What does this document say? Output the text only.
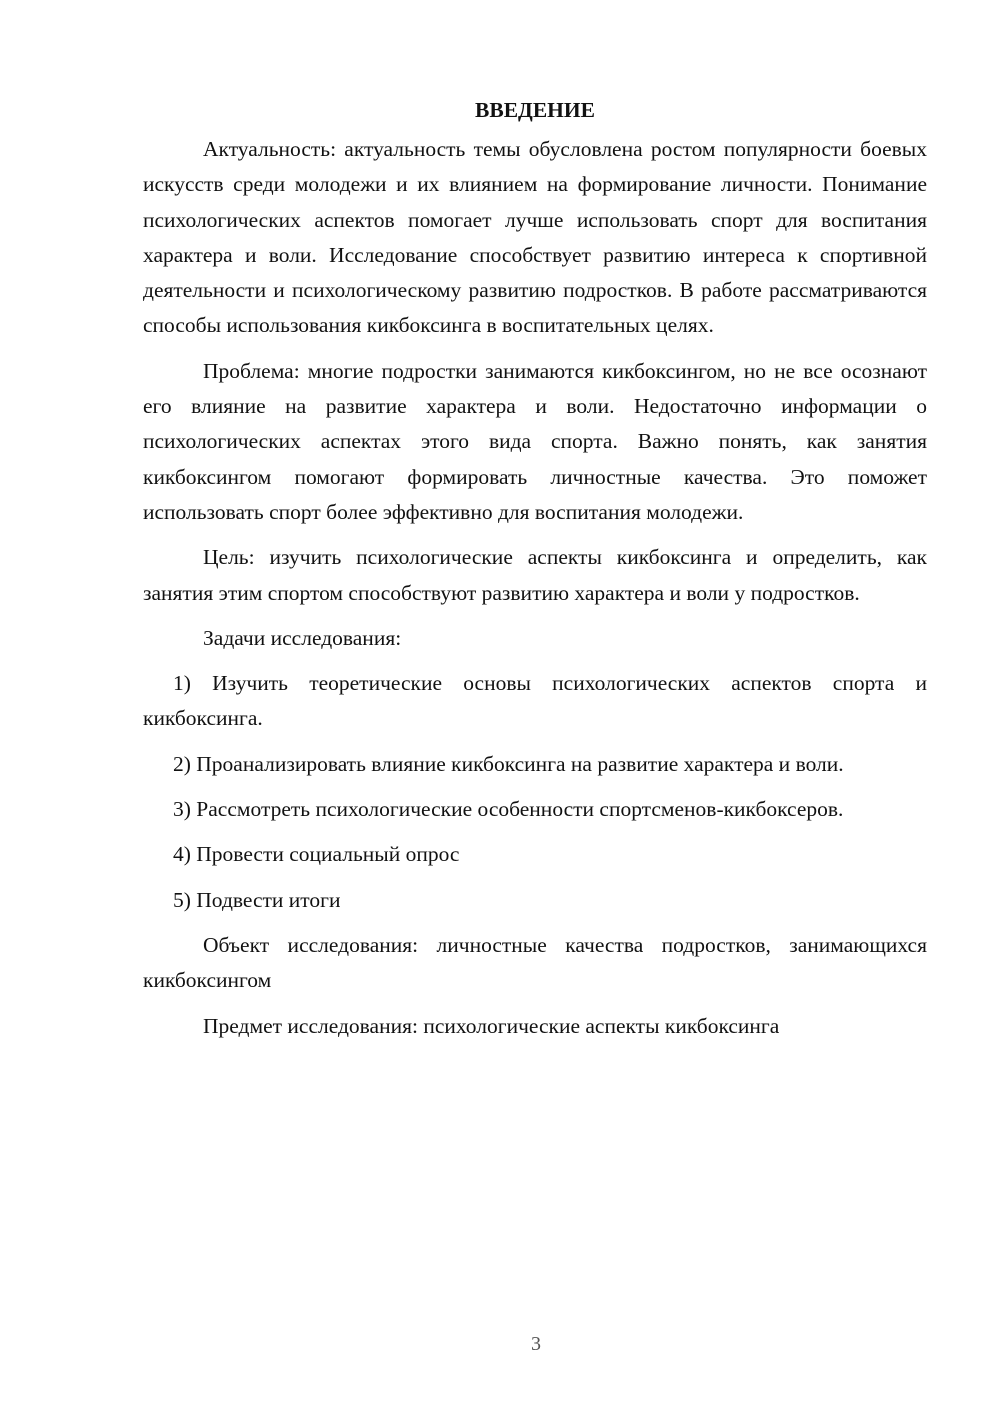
ВВЕДЕНИЕ

Актуальность: актуальность темы обусловлена ростом популярности боевых искусств среди молодежи и их влиянием на формирование личности. Понимание психологических аспектов помогает лучше использовать спорт для воспитания характера и воли. Исследование способствует развитию интереса к спортивной деятельности и психологическому развитию подростков. В работе рассматриваются способы использования кикбоксинга в воспитательных целях.

Проблема: многие подростки занимаются кикбоксингом, но не все осознают его влияние на развитие характера и воли. Недостаточно информации о психологических аспектах этого вида спорта. Важно понять, как занятия кикбоксингом помогают формировать личностные качества. Это поможет использовать спорт более эффективно для воспитания молодежи.

Цель: изучить психологические аспекты кикбоксинга и определить, как занятия этим спортом способствуют развитию характера и воли у подростков.

Задачи исследования:

1) Изучить теоретические основы психологических аспектов спорта и кикбоксинга.

2) Проанализировать влияние кикбоксинга на развитие характера и воли.

3) Рассмотреть психологические особенности спортсменов-кикбоксеров.

4) Провести социальный опрос

5) Подвести итоги

Объект исследования: личностные качества подростков, занимающихся кикбоксингом

Предмет исследования: психологические аспекты кикбоксинга

3
